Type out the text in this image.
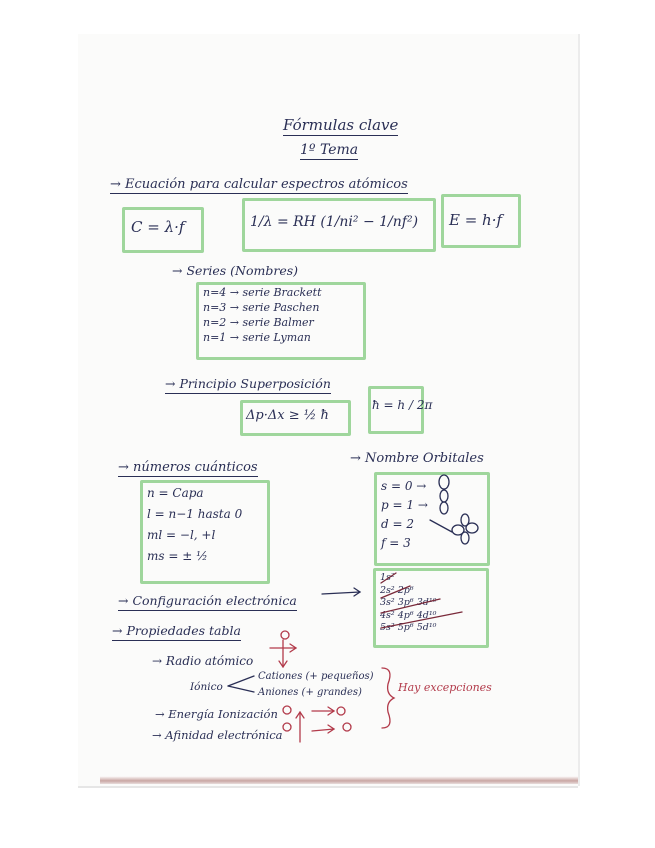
Fórmulas clave
1º Tema
→ Ecuación para calcular espectros atómicos
C = λ·f	1/λ = RH (1/ni² − 1/nf²) E = h·f
→ Series (Nombres)
n=4 → serie Brackett
n=3 → serie Paschen
n=2 → serie Balmer
n=1 → serie Lyman
→ Principio Superposición
Δp·Δx ≥ ½ ħ
ħ = h / 2π
→ números cuánticos
n = Capa
l = n−1 hasta 0
ml = −l, +l
ms = ± ½
→ Nombre Orbitales
s = 0 →
p = 1 →
d = 2
f = 3
→ Configuración electrónica
1s²
2s² 2p⁶
3s² 3p⁶ 3d¹⁰
4s² 4p⁶ 4d¹⁰
5s² 5p⁶ 5d¹⁰
→ Propiedades tabla
→ Radio atómico
Iónico
Cationes (+ pequeños)
Aniones (+ grandes)	Hay excepciones
→ Energía Ionización
→ Afinidad electrónica
